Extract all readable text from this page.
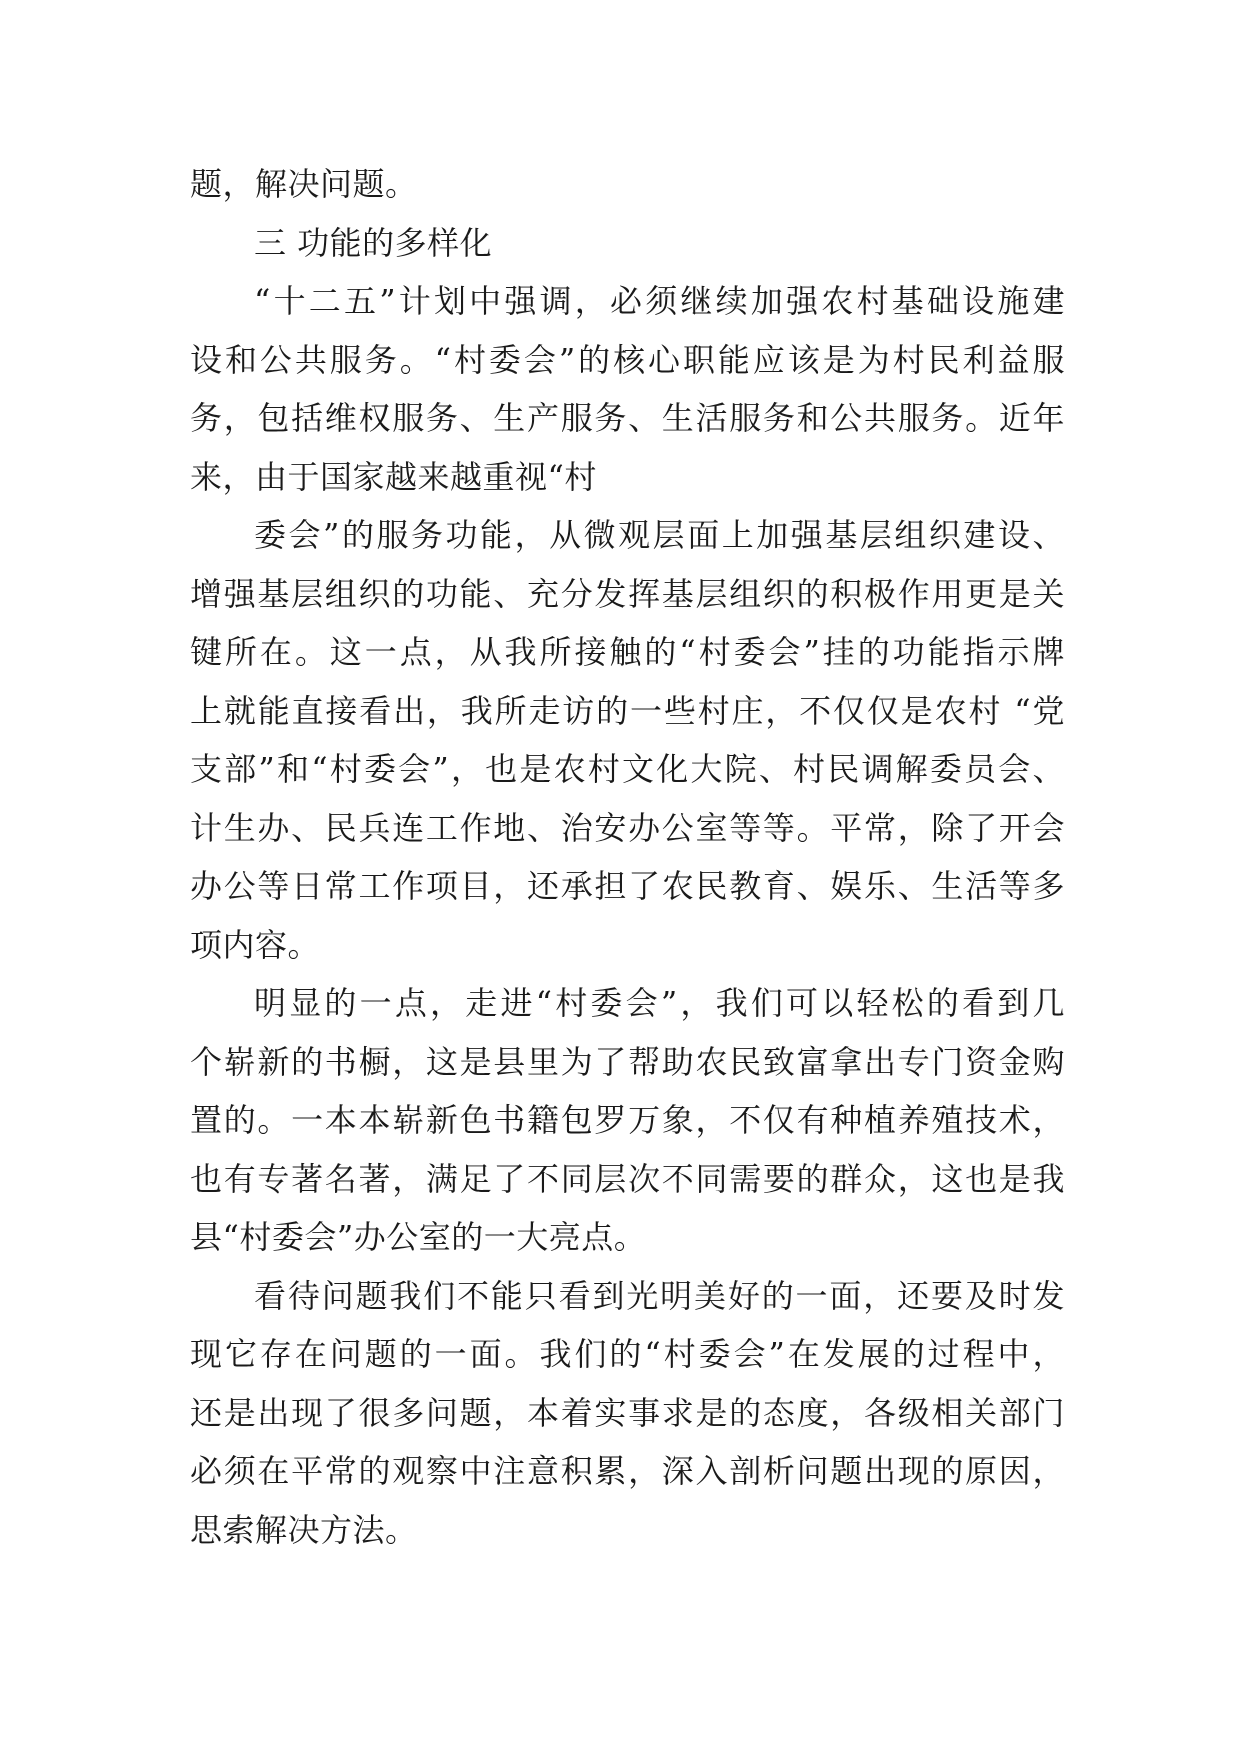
题，解决问题。
三 功能的多样化
“十二五”计划中强调，必须继续加强农村基础设施建
设和公共服务。“村委会”的核心职能应该是为村民利益服
务，包括维权服务、生产服务、生活服务和公共服务。近年
来，由于国家越来越重视“村
委会”的服务功能，从微观层面上加强基层组织建设、
增强基层组织的功能、充分发挥基层组织的积极作用更是关
键所在。这一点，从我所接触的“村委会”挂的功能指示牌
上就能直接看出，我所走访的一些村庄，不仅仅是农村 “党
支部”和“村委会”，也是农村文化大院、村民调解委员会、
计生办、民兵连工作地、治安办公室等等。平常，除了开会
办公等日常工作项目，还承担了农民教育、娱乐、生活等多
项内容。
明显的一点，走进“村委会”，我们可以轻松的看到几
个崭新的书橱，这是县里为了帮助农民致富拿出专门资金购
置的。一本本崭新色书籍包罗万象，不仅有种植养殖技术，
也有专著名著，满足了不同层次不同需要的群众，这也是我
县“村委会”办公室的一大亮点。
看待问题我们不能只看到光明美好的一面，还要及时发
现它存在问题的一面。我们的“村委会”在发展的过程中，
还是出现了很多问题，本着实事求是的态度，各级相关部门
必须在平常的观察中注意积累，深入剖析问题出现的原因，
思索解决方法。
